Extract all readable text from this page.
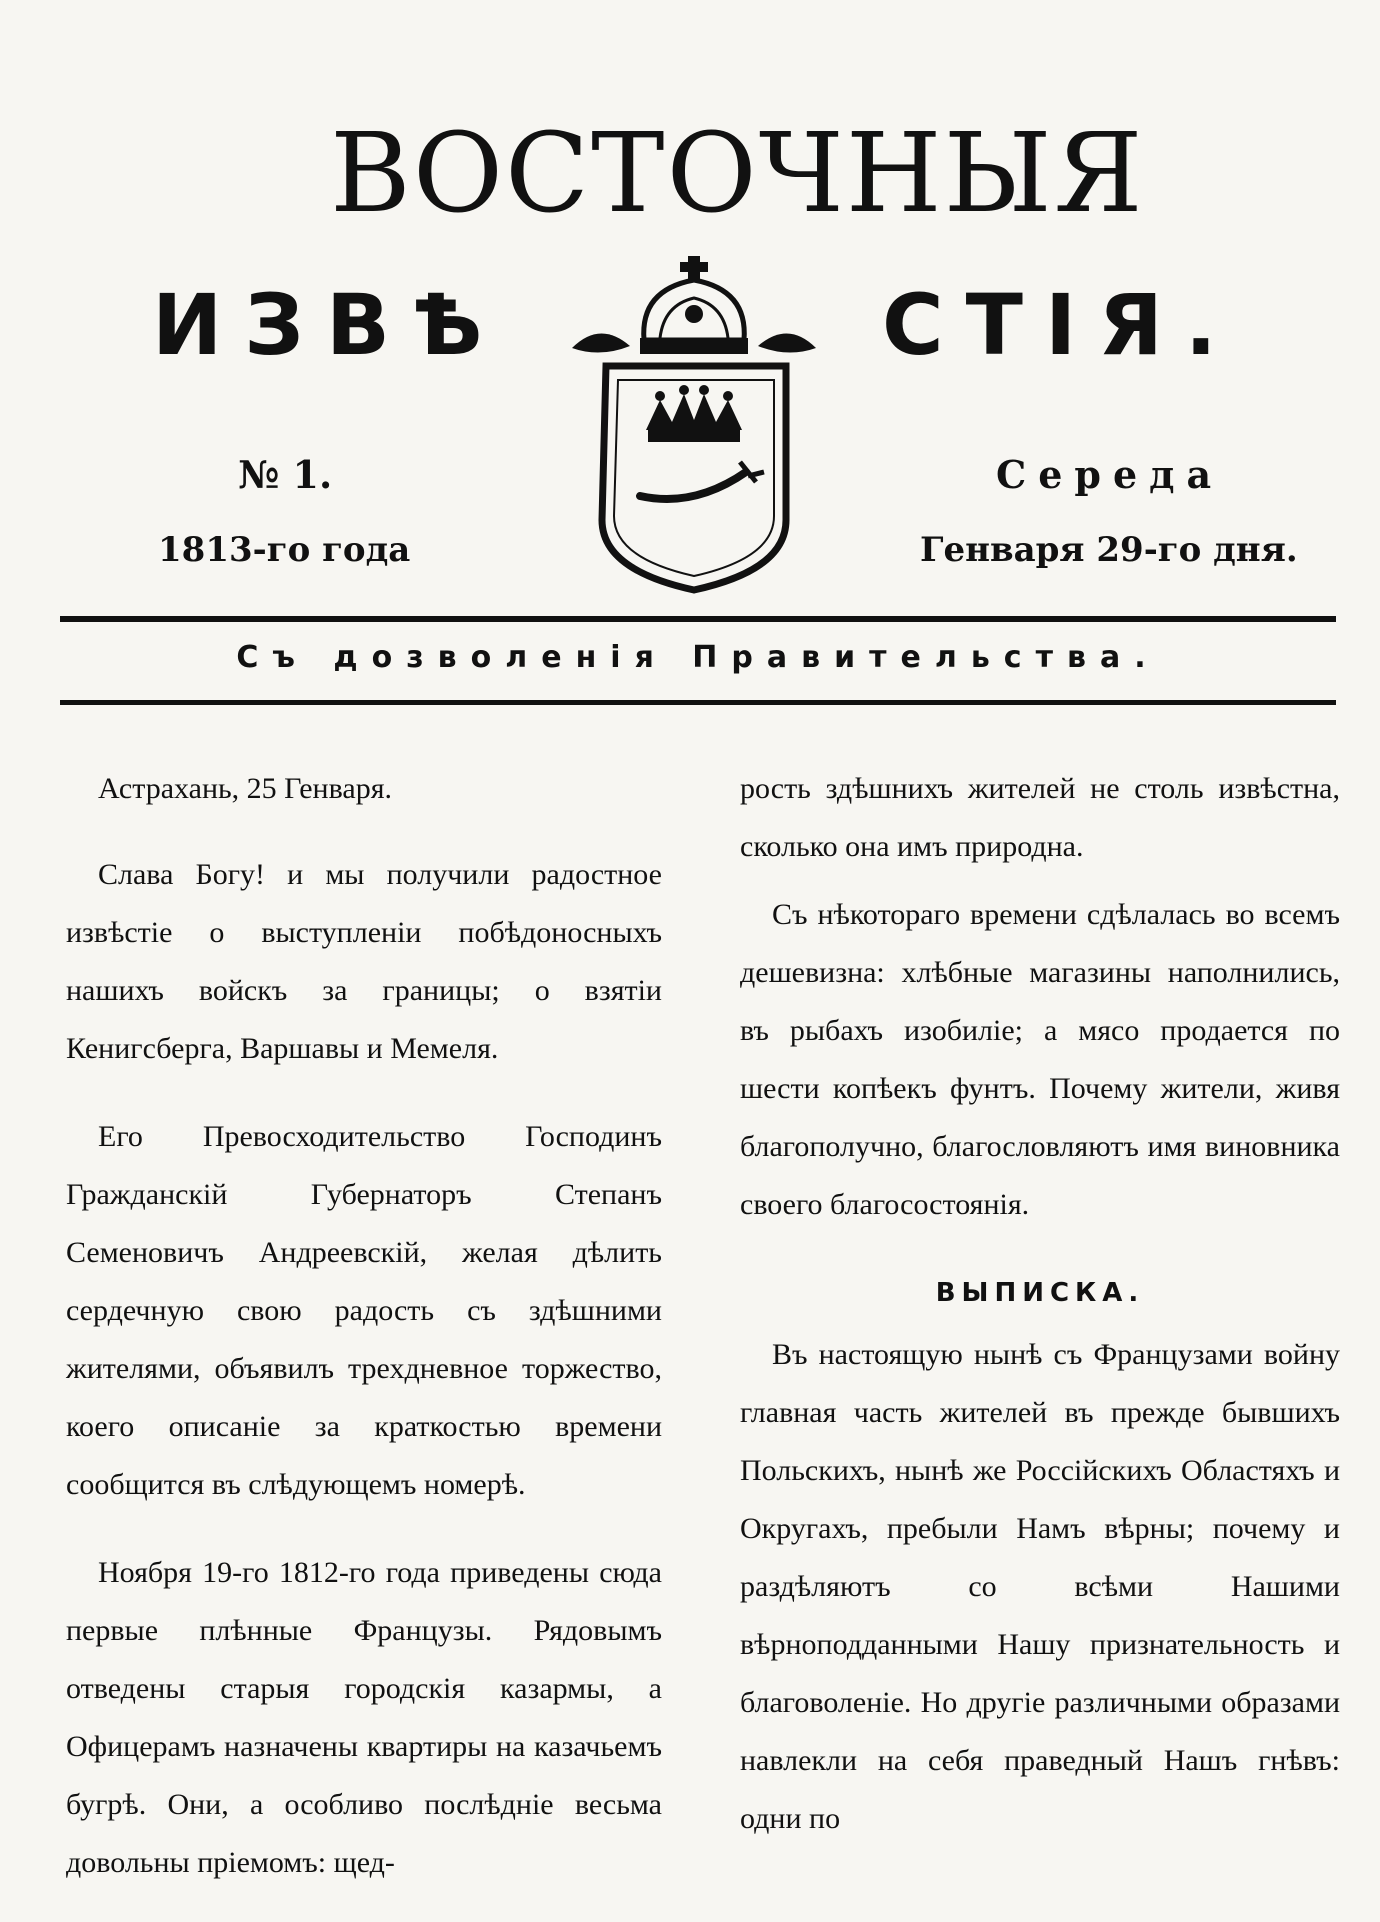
ВОСТОЧНЫЯ
ИЗВѢ	СТІЯ.
№ 1.
1813-го года
Середа
Генваря 29-го дня.
Съ дозволенія Правительства.

Астрахань, 25 Генваря.

Слава Богу! и мы получили радостное извѣстіе о выступленіи побѣдоносныхъ нашихъ войскъ за границы; о взятіи Кенигсберга, Варшавы и Мемеля.

Его Превосходительство Господинъ Гражданскій Губернаторъ Степанъ Семеновичъ Андреевскій, желая дѣлить сердечную свою радость съ здѣшними жителями, объявилъ трехдневное торжество, коего описаніе за краткостью времени сообщится въ слѣдующемъ номерѣ.

Ноября 19-го 1812-го года приведены сюда первые плѣнные Французы. Рядовымъ отведены старыя городскія казармы, а Офицерамъ назначены квартиры на казачьемъ бугрѣ. Они, а особливо послѣдніе весьма довольны пріемомъ: щед-

рость здѣшнихъ жителей не столь извѣстна, сколько она имъ природна.

Съ нѣкотораго времени сдѣлалась во всемъ дешевизна: хлѣбные магазины наполнились, въ рыбахъ изобиліе; а мясо продается по шести копѣекъ фунтъ. Почему жители, живя благополучно, благословляютъ имя виновника своего благосостоянія.

ВЫПИСКА.

Въ настоящую нынѣ съ Французами войну главная часть жителей въ прежде бывшихъ Польскихъ, нынѣ же Россійскихъ Областяхъ и Округахъ, пребыли Намъ вѣрны; почему и раздѣляютъ со всѣми Нашими вѣрноподданными Нашу признательность и благоволеніе. Но другіе различными образами навлекли на себя праведный Нашъ гнѣвъ: одни по
